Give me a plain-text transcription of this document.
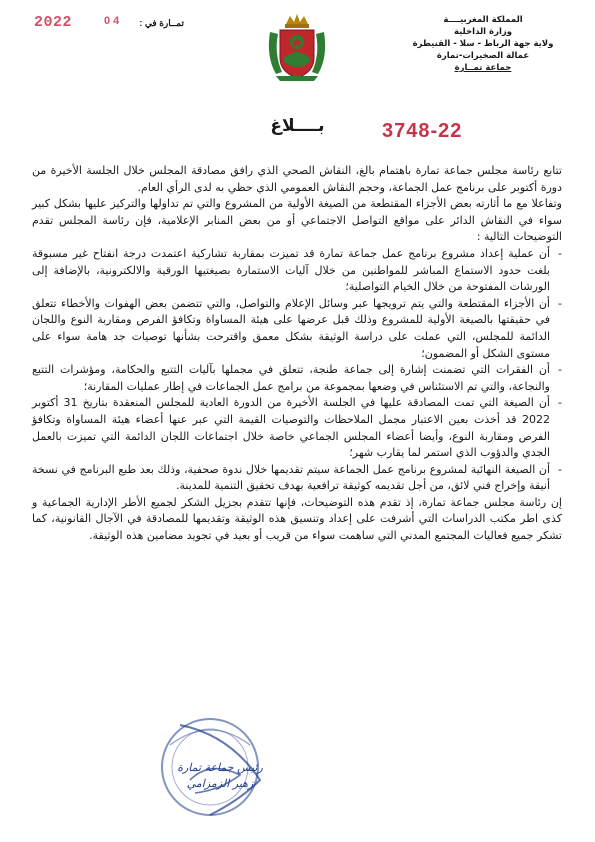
المملكة المغربيــــة
وزارة الداخلية
ولاية جهة الرباط - سلا - القنيطرة
عمالة الصخيرات-تمارة
جماعة تمــارة
2022	0 4 تمــارة في :
بــــلاغ	3748-22

تتابع رئاسة مجلس جماعة تمارة باهتمام بالغ، النقاش الصحي الذي رافق مصادقة المجلس خلال الجلسة الأخيرة من دورة أكتوبر على برنامج عمل الجماعة، وحجم النقاش العمومي الذي حظي به لدى الرأي العام.

وتفاعلا مع ما أثارته بعض الأجزاء المقتطعة من الصيغة الأولية من المشروع والتي تم تداولها والتركيز عليها بشكل كبير سواء في النقاش الدائر على مواقع التواصل الاجتماعي أو من بعض المنابر الإعلامية، فإن رئاسة المجلس تقدم التوضيحات التالية :

- أن عملية إعداد مشروع برنامج عمل جماعة تمارة قد تميزت بمقاربة تشاركية اعتمدت درجة انفتاح غير مسبوقة بلغت حدود الاستماع المباشر للمواطنين من خلال آليات الاستمارة بصيغتيها الورقية والالكترونية، بالإضافة إلى الورشات المفتوحة من خلال الخيام التواصلية؛
- أن الأجزاء المقتطعة والتي يتم ترويجها عبر وسائل الإعلام والتواصل، والتي تتضمن بعض الهفوات والأخطاء تتعلق في حقيقتها بالصيغة الأولية للمشروع وذلك قبل عرضها على هيئة المساواة وتكافؤ الفرص ومقاربة النوع واللجان الدائمة للمجلس، التي عملت على دراسة الوثيقة بشكل معمق واقترحت بشأنها توصيات جد هامة سواء على مستوى الشكل أو المضمون؛
- أن الفقرات التي تضمنت إشارة إلى جماعة طنجة، تتعلق في مجملها بآليات التتبع والحكامة، ومؤشرات التتبع والنجاعة، والتي تم الاستئناس في وضعها بمجموعة من برامج عمل الجماعات في إطار عمليات المقارنة؛
- أن الصيغة التي تمت المصادقة عليها في الجلسة الأخيرة من الدورة العادية للمجلس المنعقدة بتاريخ 31 أكتوبر 2022 قد أخذت بعين الاعتبار مجمل الملاحظات والتوصيات القيمة التي عبر عنها أعضاء هيئة المساواة وتكافؤ الفرص ومقاربة النوع، وأيضا أعضاء المجلس الجماعي خاصة خلال اجتماعات اللجان الدائمة التي تميزت بالعمل الجدي والدؤوب الذي استمر لما يقارب شهر؛
- أن الصيغة النهائية لمشروع برنامج عمل الجماعة سيتم تقديمها خلال ندوة صحفية، وذلك بعد طبع البرنامج في نسخة أنيقة وإخراج فني لائق، من أجل تقديمه كوثيقة ترافعية بهدف تحقيق التنمية للمدينة.

إن رئاسة مجلس جماعة تمارة، إذ تقدم هذه التوضيحات، فإنها تتقدم بجزيل الشكر لجميع الأطر الإدارية الجماعية و كذى اطر مكتب الدراسات التي أشرفت على إعداد وتنسيق هذه الوثيقة وتقديمها للمصادقة في الآجال القانونية، كما تشكر جميع فعاليات المجتمع المدني التي ساهمت سواء من قريب أو بعيد في تجويد مضامين هذه الوثيقة.

رئيس جماعة تمارة
زهير الزمزامي
